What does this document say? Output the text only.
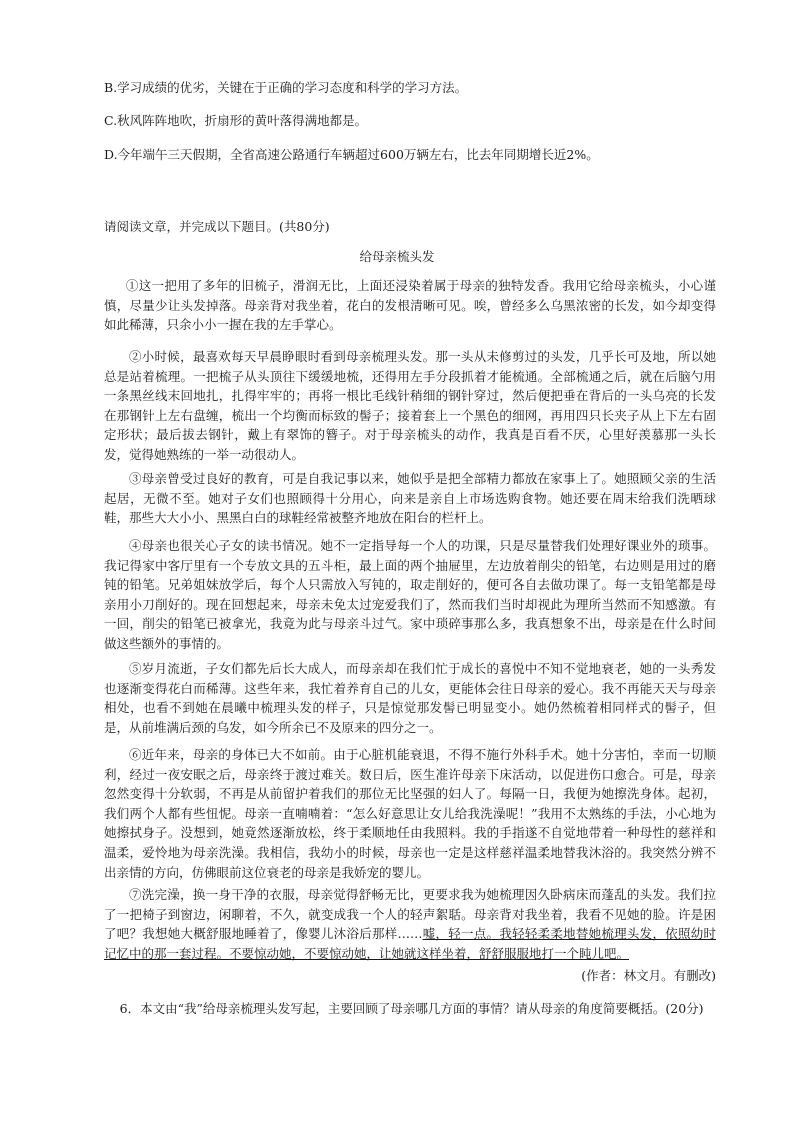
B.学习成绩的优劣，关键在于正确的学习态度和科学的学习方法。
C.秋风阵阵地吹，折扇形的黄叶落得满地都是。
D.今年端午三天假期，全省高速公路通行车辆超过600万辆左右，比去年同期增长近2%。
请阅读文章，并完成以下题目。(共80分)
给母亲梳头发

①这一把用了多年的旧梳子，滑润无比，上面还浸染着属于母亲的独特发香。我用它给母亲梳头，小心谨慎，尽量少让头发掉落。母亲背对我坐着，花白的发根清晰可见。唉，曾经多么乌黑浓密的长发，如今却变得如此稀薄，只余小小一握在我的左手掌心。

②小时候，最喜欢每天早晨睁眼时看到母亲梳理头发。那一头从未修剪过的头发，几乎长可及地，所以她总是站着梳理。一把梳子从头顶往下缓缓地梳，还得用左手分段抓着才能梳通。全部梳通之后，就在后脑勺用一条黑丝线末回地扎，扎得牢牢的；再将一根比毛线针稍细的钢针穿过，然后便把垂在背后的一头乌亮的长发在那钢针上左右盘缠，梳出一个均衡而标致的髻子；接着套上一个黑色的细网，再用四只长夹子从上下左右固定形状；最后拔去钢针，戴上有翠饰的簪子。对于母亲梳头的动作，我真是百看不厌，心里好羡慕那一头长发，觉得她熟练的一举一动很动人。

③母亲曾受过良好的教育，可是自我记事以来，她似乎是把全部精力都放在家事上了。她照顾父亲的生活起居，无微不至。她对子女们也照顾得十分用心，向来是亲自上市场选购食物。她还要在周末给我们洗晒球鞋，那些大大小小、黑黑白白的球鞋经常被整齐地放在阳台的栏杆上。

④母亲也很关心子女的读书情况。她不一定指导每一个人的功课，只是尽量替我们处理好课业外的琐事。我记得家中客厅里有一个专放文具的五斗柜，最上面的两个抽屉里，左边放着削尖的铅笔，右边则是用过的磨钝的铅笔。兄弟姐妹放学后，每个人只需放入写钝的，取走削好的，便可各自去做功课了。每一支铅笔都是母亲用小刀削好的。现在回想起来，母亲未免太过宠爱我们了，然而我们当时却视此为理所当然而不知感激。有一回，削尖的铅笔已被拿光，我竟为此与母亲斗过气。家中琐碎事那么多，我真想象不出，母亲是在什么时间做这些额外的事情的。

⑤岁月流逝，子女们都先后长大成人，而母亲却在我们忙于成长的喜悦中不知不觉地衰老，她的一头秀发也逐渐变得花白而稀薄。这些年来，我忙着养育自己的儿女，更能体会往日母亲的爱心。我不再能天天与母亲相处，也看不到她在晨曦中梳理头发的样子，只是惊觉那发髻已明显变小。她仍然梳着相同样式的髻子，但是，从前堆满后颈的乌发，如今所余已不及原来的四分之一。

⑥近年来，母亲的身体已大不如前。由于心脏机能衰退，不得不施行外科手术。她十分害怕，幸而一切顺利，经过一夜安眠之后，母亲终于渡过难关。数日后，医生准许母亲下床活动，以促进伤口愈合。可是，母亲忽然变得十分软弱，不再是从前留护着我们的那位无比坚强的妇人了。每隔一日，我便为她擦洗身体。起初，我们两个人都有些忸怩。母亲一直喃喃着：“怎么好意思让女儿给我洗澡呢！”我用不太熟练的手法，小心地为她擦拭身子。没想到，她竟然逐渐放松，终于柔顺地任由我照料。我的手指遂不自觉地带着一种母性的慈祥和温柔，爱怜地为母亲洗澡。我相信，我幼小的时候，母亲也一定是这样慈祥温柔地替我沐浴的。我突然分辨不出亲情的方向，仿佛眼前这位衰老的母亲是我娇宠的婴儿。

⑦洗完澡，换一身干净的衣服，母亲觉得舒畅无比，更要求我为她梳理因久卧病床而蓬乱的头发。我们拉了一把椅子到窗边，闲聊着，不久，就变成我一个人的轻声絮聒。母亲背对我坐着，我看不见她的脸。许是困了吧？我想她大概舒服地睡着了，像婴儿沐浴后那样……嘘，轻一点。我轻轻柔柔地替她梳理头发，依照幼时记忆中的那一套过程。不要惊动她，不要惊动她，让她就这样坐着，舒舒服服地打一个盹儿吧。

(作者：林文月。有删改)
6．本文由“我”给母亲梳理头发写起，主要回顾了母亲哪几方面的事情？请从母亲的角度简要概括。(20分)
